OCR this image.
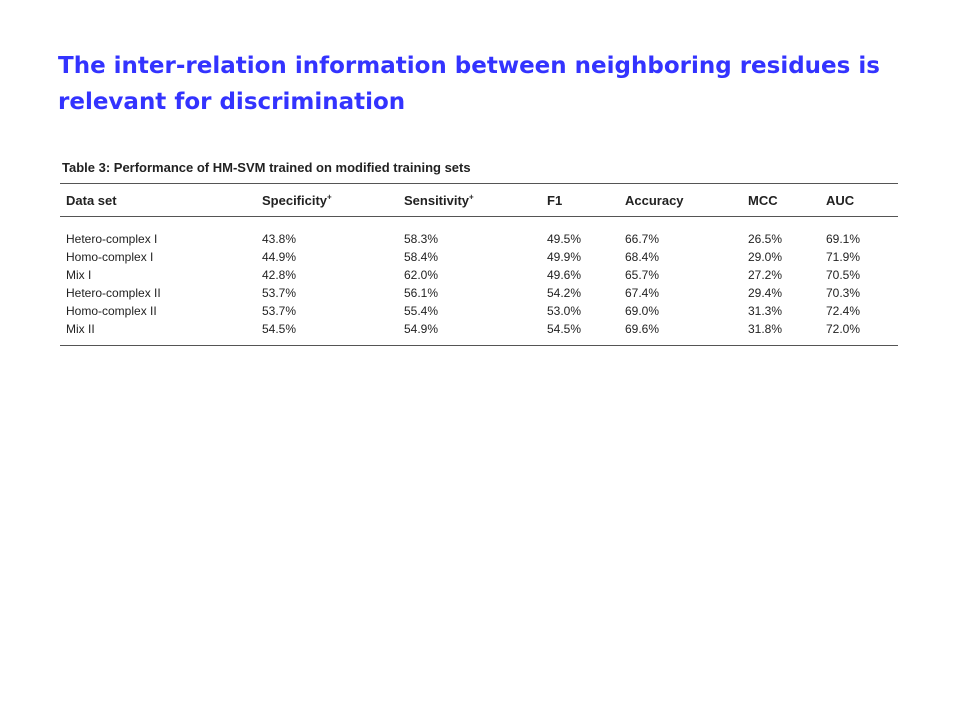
The inter-relation information between neighboring residues is relevant for discrimination
Table 3: Performance of HM-SVM trained on modified training sets
Data set	Specificity+	Sensitivity+	F1	Accuracy	MCC	AUC
Hetero-complex I	43.8%	58.3%	49.5%	66.7%	26.5%	69.1%
Homo-complex I	44.9%	58.4%	49.9%	68.4%	29.0%	71.9%
Mix I	42.8%	62.0%	49.6%	65.7%	27.2%	70.5%
Hetero-complex II	53.7%	56.1%	54.2%	67.4%	29.4%	70.3%
Homo-complex II	53.7%	55.4%	53.0%	69.0%	31.3%	72.4%
Mix II	54.5%	54.9%	54.5%	69.6%	31.8%	72.0%
